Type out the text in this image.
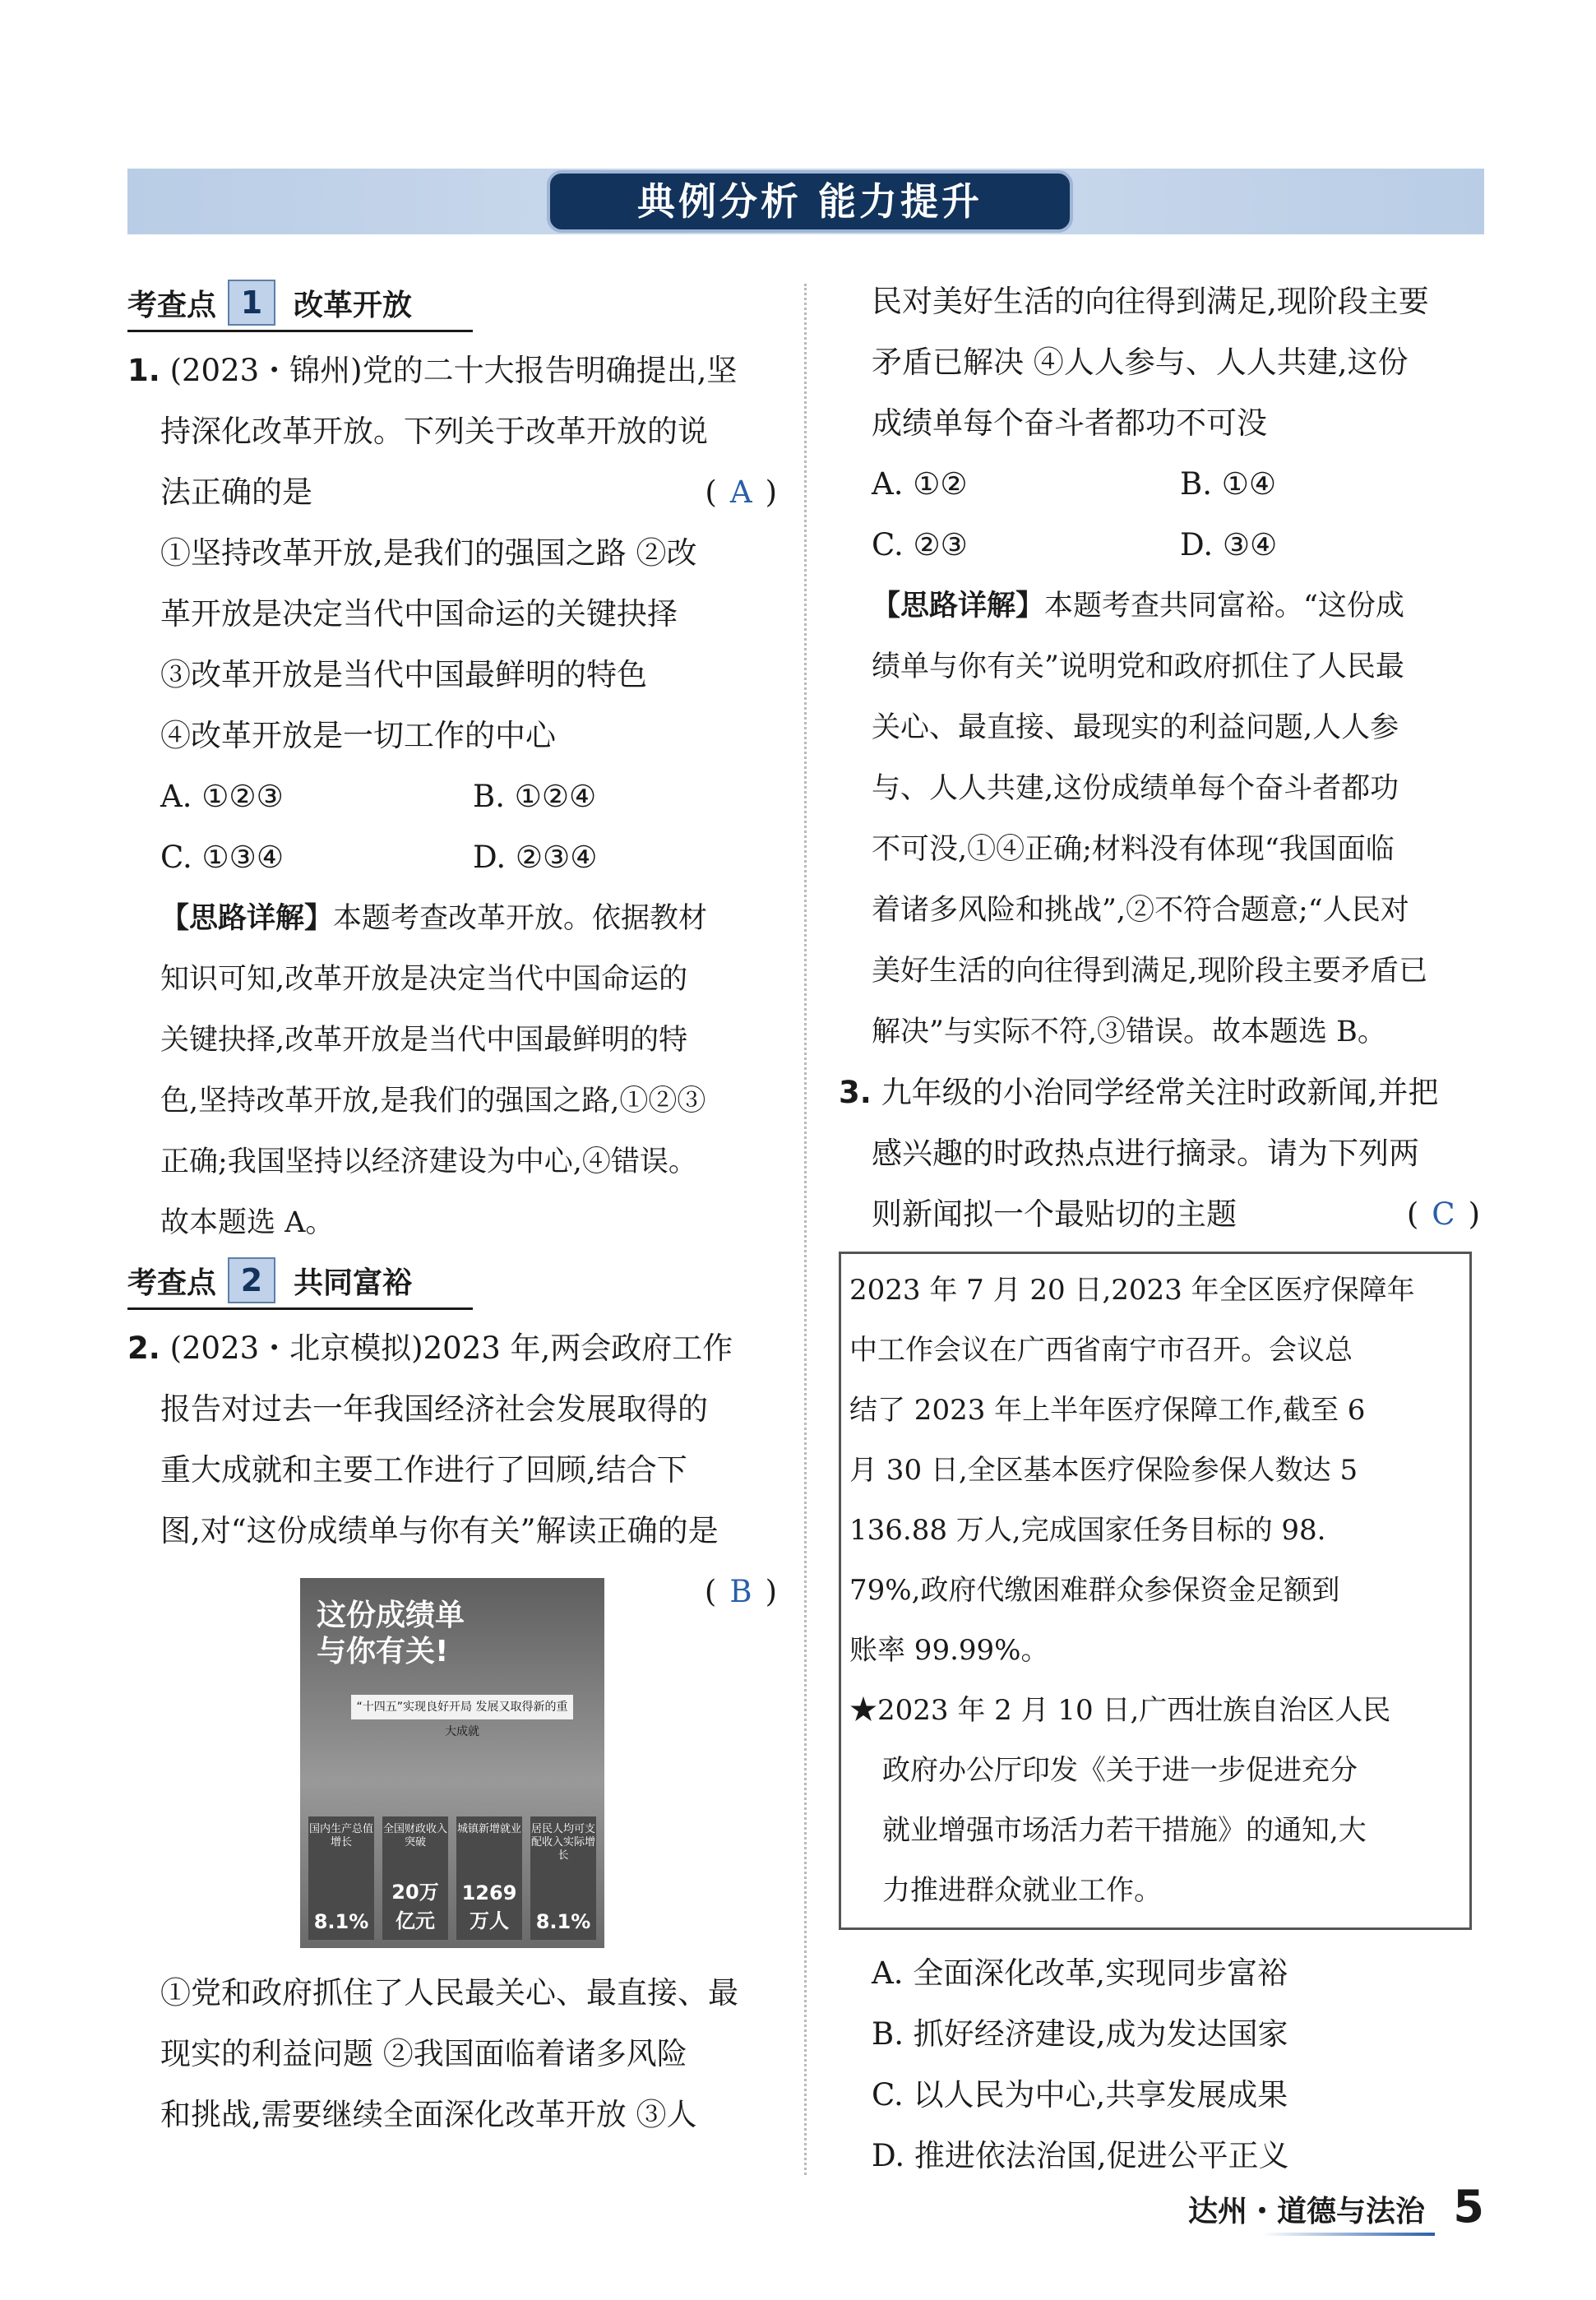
典例分析 能力提升
考查点 1	改革开放
1. (2023・锦州)党的二十大报告明确提出,坚
持深化改革开放。下列关于改革开放的说
法正确的是	( A )
①坚持改革开放,是我们的强国之路 ②改
革开放是决定当代中国命运的关键抉择
③改革开放是当代中国最鲜明的特色
④改革开放是一切工作的中心
A. ①②③	B. ①②④
C. ①③④	D. ②③④
【思路详解】本题考查改革开放。依据教材
知识可知,改革开放是决定当代中国命运的
关键抉择,改革开放是当代中国最鲜明的特
色,坚持改革开放,是我们的强国之路,①②③
正确;我国坚持以经济建设为中心,④错误。
故本题选 A。
考查点 2	共同富裕
2. (2023・北京模拟)2023 年,两会政府工作
报告对过去一年我国经济社会发展取得的
重大成就和主要工作进行了回顾,结合下
图,对“这份成绩单与你有关”解读正确的是
( B )
这份成绩单
与你有关!
“十四五”实现良好开局 发展又取得新的重大成就
国内生产总值增长
8.1%
全国财政收入突破
20万亿元
城镇新增就业
1269万人
居民人均可支配收入实际增长
8.1%
①党和政府抓住了人民最关心、最直接、最
现实的利益问题 ②我国面临着诸多风险
和挑战,需要继续全面深化改革开放 ③人
民对美好生活的向往得到满足,现阶段主要
矛盾已解决 ④人人参与、人人共建,这份
成绩单每个奋斗者都功不可没
A. ①②	B. ①④
C. ②③	D. ③④
【思路详解】本题考查共同富裕。“这份成
绩单与你有关”说明党和政府抓住了人民最
关心、最直接、最现实的利益问题,人人参
与、人人共建,这份成绩单每个奋斗者都功
不可没,①④正确;材料没有体现“我国面临
着诸多风险和挑战”,②不符合题意;“人民对
美好生活的向往得到满足,现阶段主要矛盾已
解决”与实际不符,③错误。故本题选 B。
3. 九年级的小治同学经常关注时政新闻,并把
感兴趣的时政热点进行摘录。请为下列两
则新闻拟一个最贴切的主题	( C )
2023 年 7 月 20 日,2023 年全区医疗保障年
中工作会议在广西省南宁市召开。会议总
结了 2023 年上半年医疗保障工作,截至 6
月 30 日,全区基本医疗保险参保人数达 5
136.88 万人,完成国家任务目标的 98.
79%,政府代缴困难群众参保资金足额到
账率 99.99%。
★2023 年 2 月 10 日,广西壮族自治区人民
政府办公厅印发《关于进一步促进充分
就业增强市场活力若干措施》的通知,大
力推进群众就业工作。
A. 全面深化改革,实现同步富裕
B. 抓好经济建设,成为发达国家
C. 以人民为中心,共享发展成果
D. 推进依法治国,促进公平正义
达州・道德与法治 5
